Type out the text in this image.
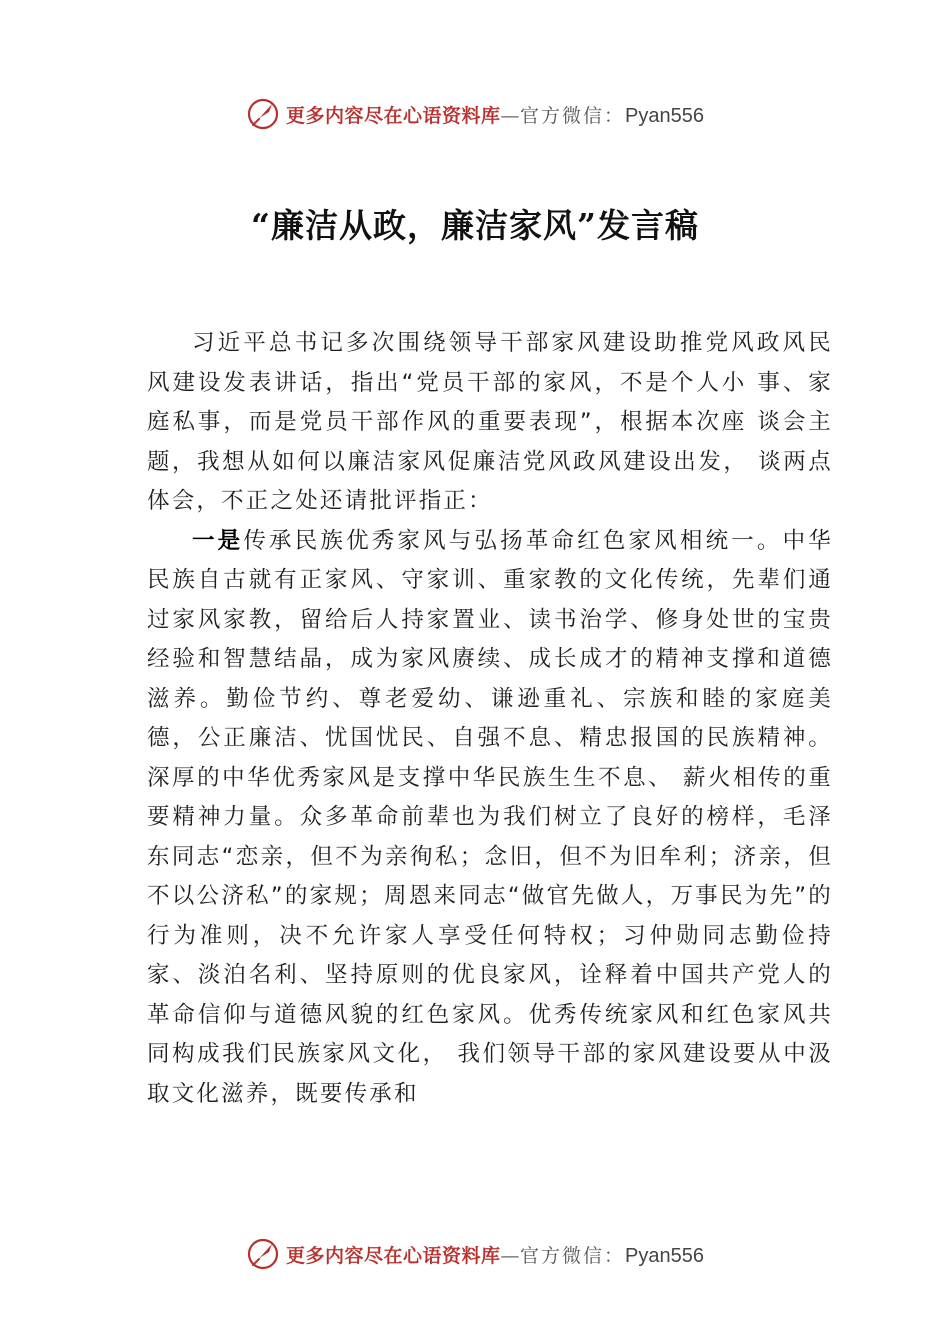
更多内容尽在心语资料库 — 官方微信： Pyan556
“廉洁从政，廉洁家风”发言稿

习近平总书记多次围绕领导干部家风建设助推党风政风民风建设发表讲话，指出“党员干部的家风，不是个人小 事、家庭私事，而是党员干部作风的重要表现”，根据本次座 谈会主题，我想从如何以廉洁家风促廉洁党风政风建设出发， 谈两点体会，不正之处还请批评指正：

一是传承民族优秀家风与弘扬革命红色家风相统一。中华民族自古就有正家风、守家训、重家教的文化传统，先辈们通过家风家教，留给后人持家置业、读书治学、修身处世的宝贵经验和智慧结晶，成为家风赓续、成长成才的精神支撑和道德滋养。勤俭节约、尊老爱幼、谦逊重礼、宗族和睦的家庭美德，公正廉洁、忧国忧民、自强不息、精忠报国的民族精神。深厚的中华优秀家风是支撑中华民族生生不息、 薪火相传的重要精神力量。众多革命前辈也为我们树立了良好的榜样，毛泽东同志“恋亲，但不为亲徇私；念旧，但不为旧牟利；济亲，但不以公济私”的家规；周恩来同志“做官先做人，万事民为先”的行为准则，决不允许家人享受任何特权；习仲勋同志勤俭持家、淡泊名利、坚持原则的优良家风，诠释着中国共产党人的革命信仰与道德风貌的红色家风。优秀传统家风和红色家风共同构成我们民族家风文化， 我们领导干部的家风建设要从中汲取文化滋养，既要传承和

更多内容尽在心语资料库 — 官方微信： Pyan556
